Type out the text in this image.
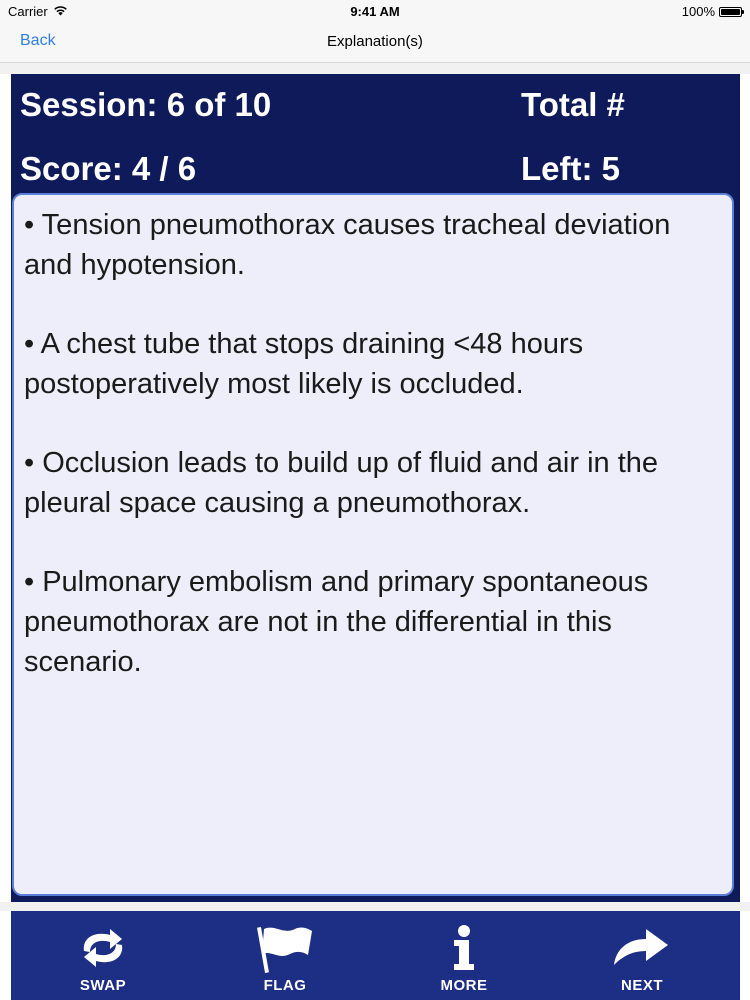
Carrier	9:41 AM	100%
Back	Explanation(s)
Session: 6 of 10	Total #
Score: 4 / 6	Left: 5
• Tension pneumothorax causes tracheal deviation and hypotension.
• A chest tube that stops draining <48 hours postoperatively most likely is occluded.
• Occlusion leads to build up of fluid and air in the pleural space causing a pneumothorax.
• Pulmonary embolism and primary spontaneous pneumothorax are not in the differential in this scenario.
SWAP	FLAG	MORE	NEXT
